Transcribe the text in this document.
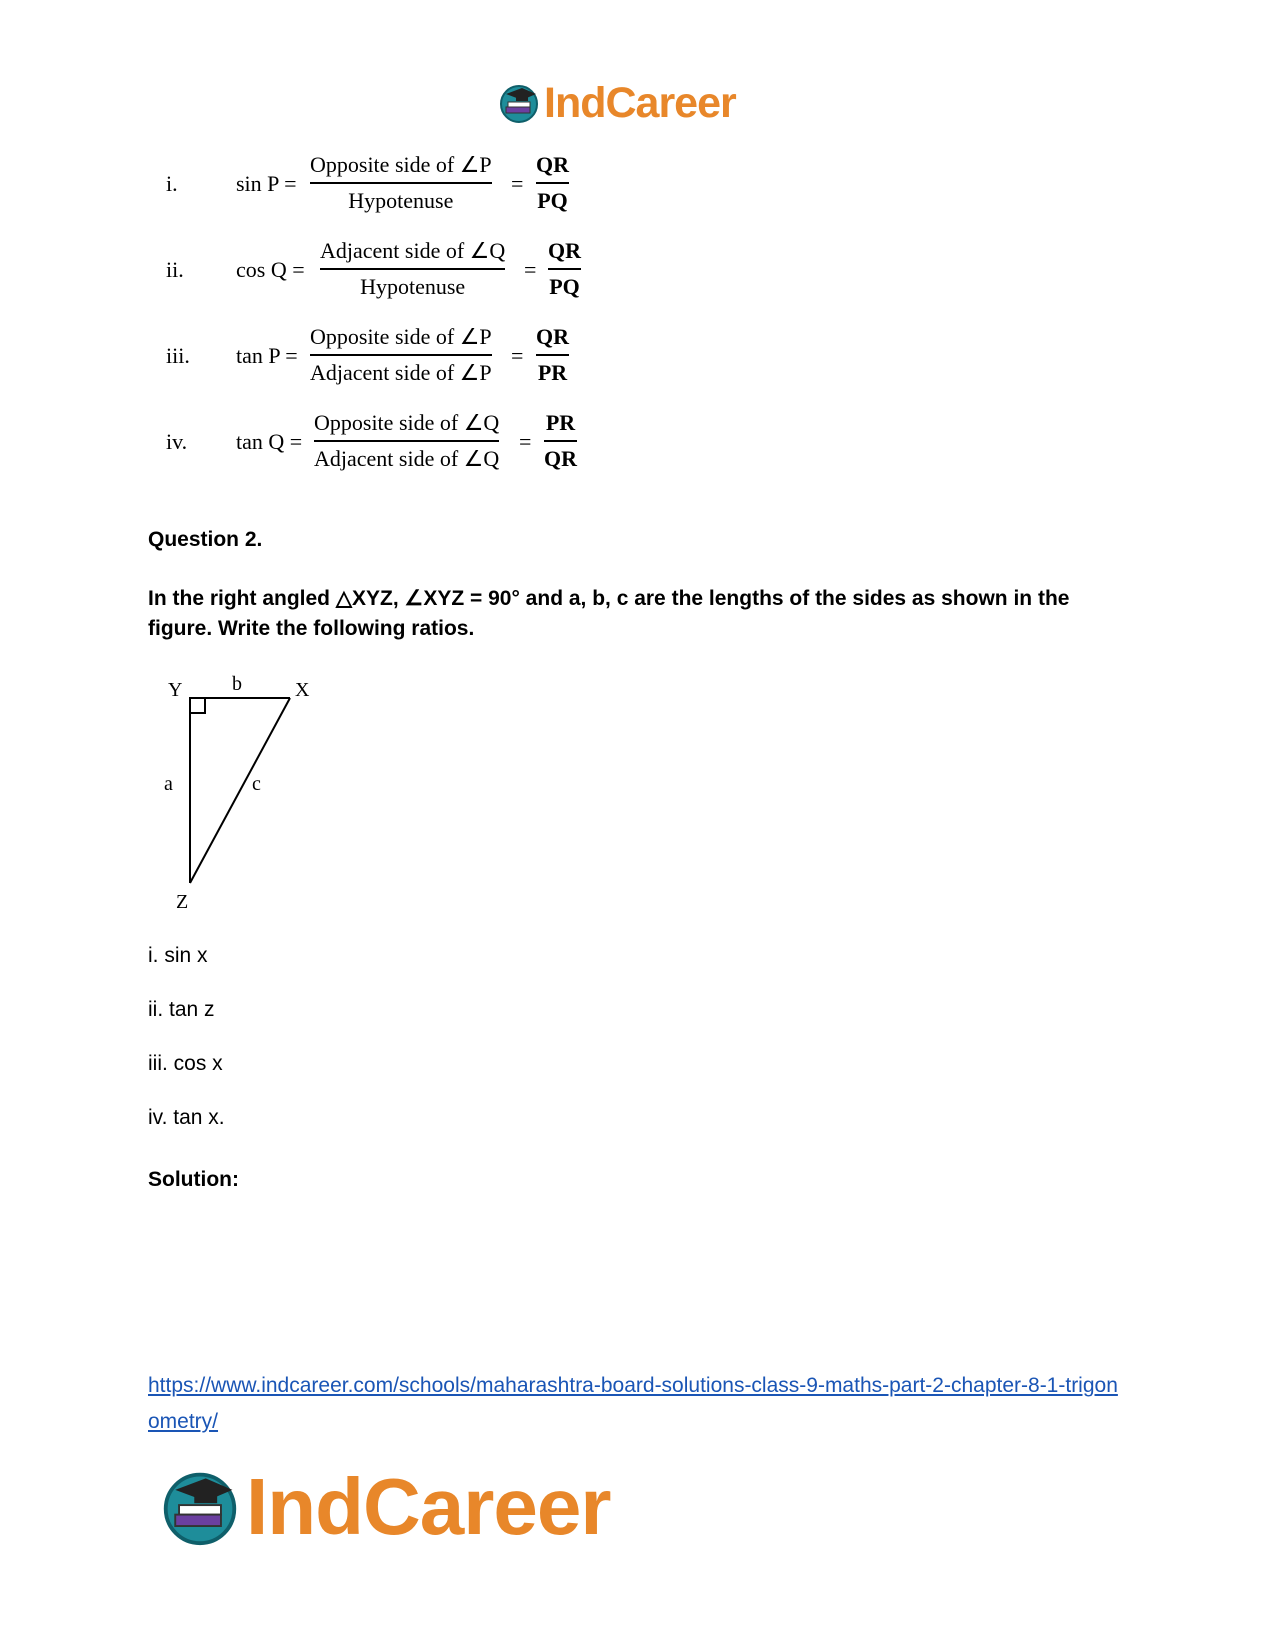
IndCareer
i.	$\sin P = \frac{\text{Opposite side of ∠P}}{\text{Hypotenuse}} = \frac{QR}{PQ}$
ii. $\cos Q = \frac{\text{Adjacent side of ∠Q}}{\text{Hypotenuse}} = \frac{QR}{PQ}$
iii. $\tan P = \frac{\text{Opposite side of ∠P}}{\text{Adjacent side of ∠P}} = \frac{QR}{PR}$
iv. $\tan Q = \frac{\text{Opposite side of ∠Q}}{\text{Adjacent side of ∠Q}} = \frac{PR}{QR}$
Question 2.
In the right angled △XYZ, ∠XYZ = 90° and a, b, c are the lengths of the sides as shown in the figure. Write the following ratios.
Y	X
Z
a
b
c
i. sin x
ii. tan z
iii. cos x
iv. tan x.
Solution:
https://www.indcareer.com/schools/maharashtra-board-solutions-class-9-maths-part-2-chapter-8-1-trigonometry/
IndCareer
